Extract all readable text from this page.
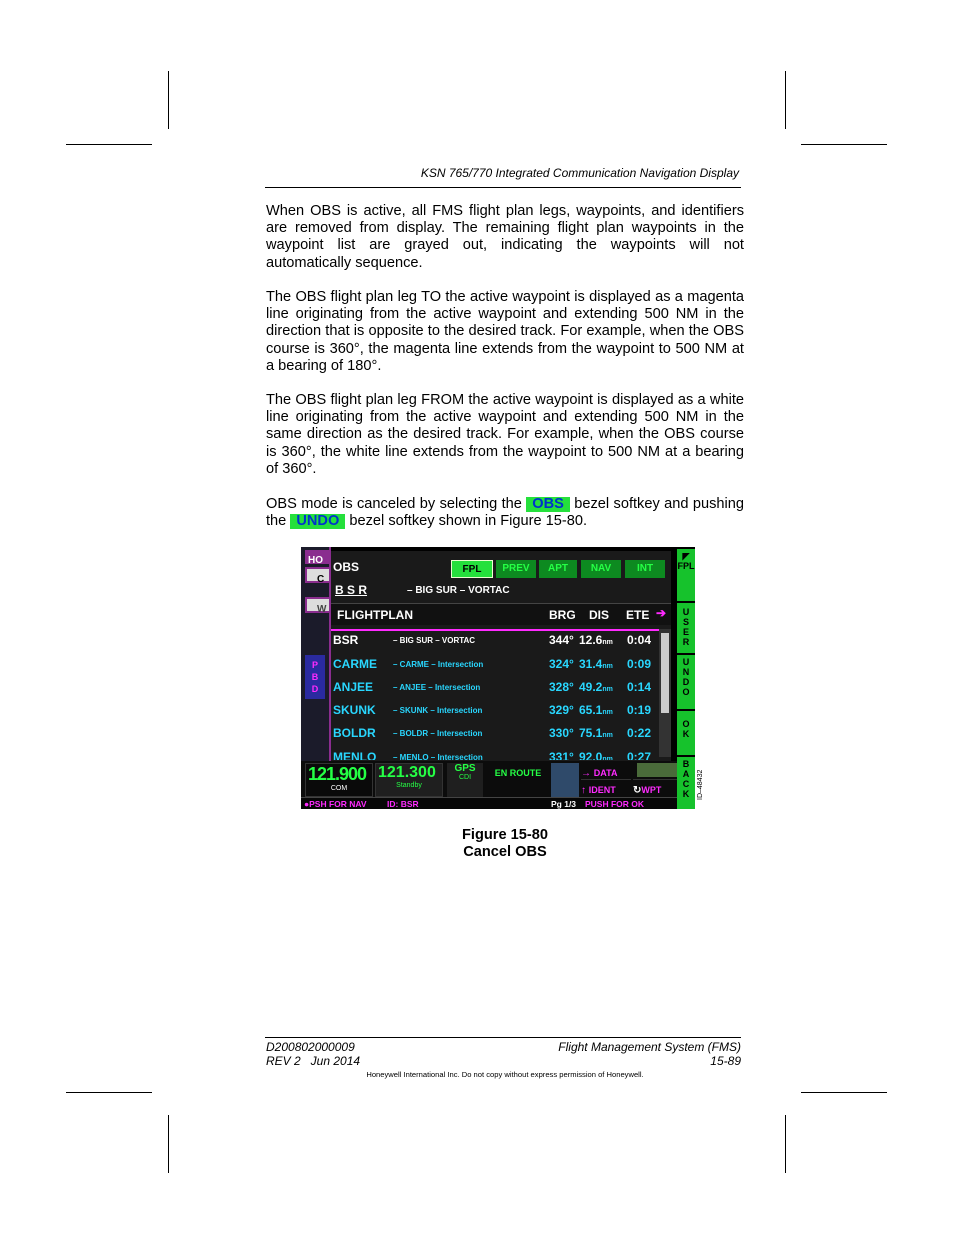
KSN 765/770 Integrated Communication Navigation Display
When OBS is active, all FMS flight plan legs, waypoints, and identifiers are removed from display. The remaining flight plan waypoints in the waypoint list are grayed out, indicating the waypoints will not automatically sequence.
The OBS flight plan leg TO the active waypoint is displayed as a magenta line originating from the active waypoint and extending 500 NM in the direction that is opposite to the desired track. For example, when the OBS course is 360°, the magenta line extends from the waypoint to 500 NM at a bearing of 180°.
The OBS flight plan leg FROM the active waypoint is displayed as a white line originating from the active waypoint and extending 500 NM in the same direction as the desired track. For example, when the OBS course is 360°, the white line extends from the waypoint to 500 NM at a bearing of 360°.
OBS mode is canceled by selecting the OBS bezel softkey and pushing the UNDO bezel softkey shown in Figure 15-80.
HO
C
W
P
B
D
OBS	FPL	PREV	APT	NAV	INT
B S R	– BIG SUR – VORTAC
FLIGHTPLAN	BRG DIS ETE ➔
BSR	– BIG SUR – VORTAC	344° 12.6nm 0:04
CARME – CARME – Intersection	324° 31.4nm 0:09
ANJEE – ANJEE – Intersection	328° 49.2nm 0:14
SKUNK – SKUNK – Intersection	329° 65.1nm 0:19
BOLDR – BOLDR – Intersection	330° 75.1nm 0:22
MENLO – MENLO – Intersection	331° 92.0nm 0:27
◤
FPL
USER
UNDO
OK
BACK
121.900
COM
121.300
Standby
GPS
CDI	EN ROUTE	→ DATA
↑ IDENT	↻WPT
●PSH FOR NAV ID: BSR	Pg 1/3 PUSH FOR OK
ID–48432
Figure 15-80
Cancel OBS
D200802000009
REV 2   Jun 2014
Flight Management System (FMS)
15-89
Honeywell International Inc. Do not copy without express permission of Honeywell.
